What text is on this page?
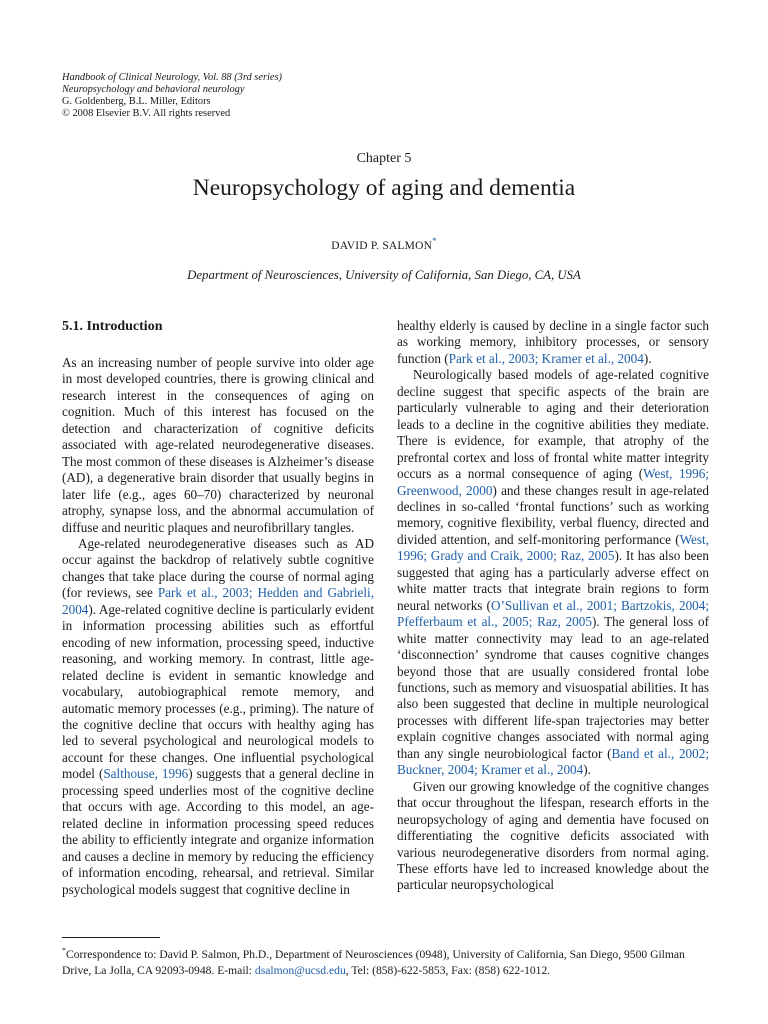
Handbook of Clinical Neurology, Vol. 88 (3rd series)
Neuropsychology and behavioral neurology
G. Goldenberg, B.L. Miller, Editors
© 2008 Elsevier B.V. All rights reserved
Chapter 5
Neuropsychology of aging and dementia
DAVID P. SALMON*
Department of Neurosciences, University of California, San Diego, CA, USA

5.1. Introduction

As an increasing number of people survive into older age in most developed countries, there is growing clinical and research interest in the consequences of aging on cognition. Much of this interest has focused on the detection and characterization of cognitive deficits associated with age-related neurodegenerative diseases. The most common of these diseases is Alzheimer’s disease (AD), a degenerative brain disorder that usually begins in later life (e.g., ages 60–70) characterized by neuronal atrophy, synapse loss, and the abnormal accumulation of diffuse and neuritic plaques and neurofibrillary tangles.

Age-related neurodegenerative diseases such as AD occur against the backdrop of relatively subtle cognitive changes that take place during the course of normal aging (for reviews, see Park et al., 2003; Hedden and Gabrieli, 2004). Age-related cognitive decline is particularly evident in information processing abilities such as effortful encoding of new information, processing speed, inductive reasoning, and working memory. In contrast, little age-related decline is evident in semantic knowledge and vocabulary, autobiographical remote memory, and automatic memory processes (e.g., priming). The nature of the cognitive decline that occurs with healthy aging has led to several psychological and neurological models to account for these changes. One influential psychological model (Salthouse, 1996) suggests that a general decline in processing speed underlies most of the cognitive decline that occurs with age. According to this model, an age-related decline in information processing speed reduces the ability to efficiently integrate and organize information and causes a decline in memory by reducing the efficiency of information encoding, rehearsal, and retrieval. Similar psychological models suggest that cognitive decline in

healthy elderly is caused by decline in a single factor such as working memory, inhibitory processes, or sensory function (Park et al., 2003; Kramer et al., 2004).

Neurologically based models of age-related cognitive decline suggest that specific aspects of the brain are particularly vulnerable to aging and their deterioration leads to a decline in the cognitive abilities they mediate. There is evidence, for example, that atrophy of the prefrontal cortex and loss of frontal white matter integrity occurs as a normal consequence of aging (West, 1996; Greenwood, 2000) and these changes result in age-related declines in so-called ‘frontal functions’ such as working memory, cognitive flexibility, verbal fluency, directed and divided attention, and self-monitoring performance (West, 1996; Grady and Craik, 2000; Raz, 2005). It has also been suggested that aging has a particularly adverse effect on white matter tracts that integrate brain regions to form neural networks (O’Sullivan et al., 2001; Bartzokis, 2004; Pfefferbaum et al., 2005; Raz, 2005). The general loss of white matter connectivity may lead to an age-related ‘disconnection’ syndrome that causes cognitive changes beyond those that are usually considered frontal lobe functions, such as memory and visuospatial abilities. It has also been suggested that decline in multiple neurological processes with different life-span trajectories may better explain cognitive changes associated with normal aging than any single neurobiological factor (Band et al., 2002; Buckner, 2004; Kramer et al., 2004).

Given our growing knowledge of the cognitive changes that occur throughout the lifespan, research efforts in the neuropsychology of aging and dementia have focused on differentiating the cognitive deficits associated with various neurodegenerative disorders from normal aging. These efforts have led to increased knowledge about the particular neuropsychological

*Correspondence to: David P. Salmon, Ph.D., Department of Neurosciences (0948), University of California, San Diego, 9500 Gilman Drive, La Jolla, CA 92093-0948. E-mail: dsalmon@ucsd.edu, Tel: (858)-622-5853, Fax: (858) 622-1012.
